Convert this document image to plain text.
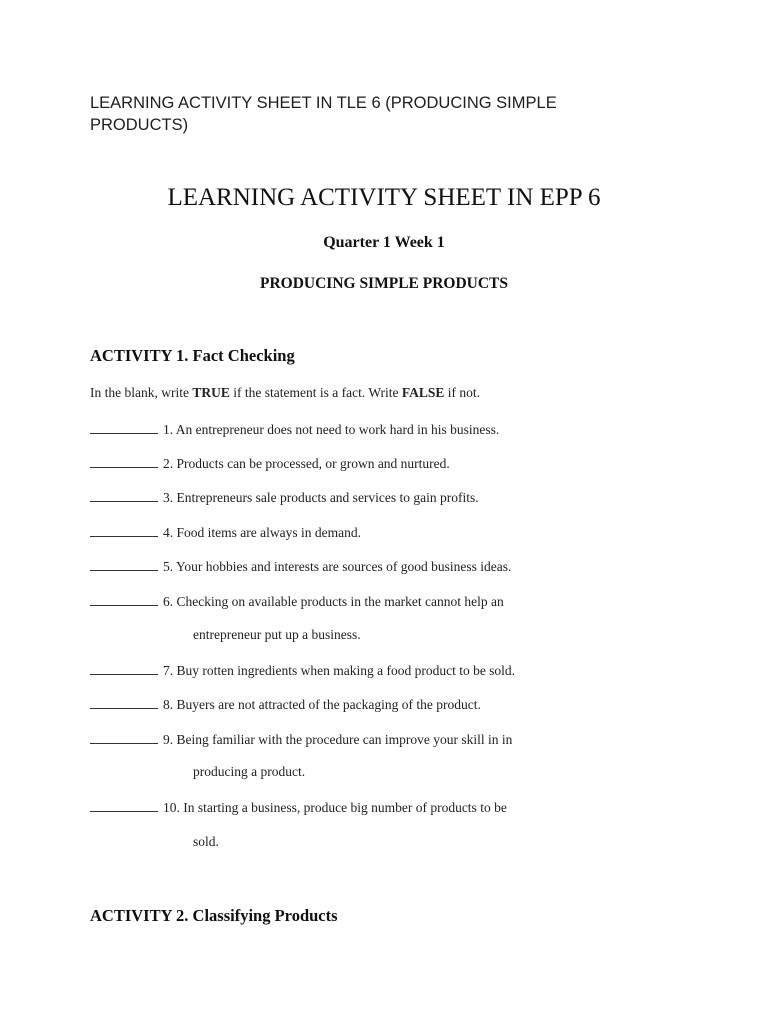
LEARNING ACTIVITY SHEET IN TLE 6 (PRODUCING SIMPLE PRODUCTS)
LEARNING ACTIVITY SHEET IN EPP 6
Quarter 1 Week 1
PRODUCING SIMPLE PRODUCTS
ACTIVITY 1. Fact Checking
In the blank, write TRUE if the statement is a fact. Write FALSE if not.
1. An entrepreneur does not need to work hard in his business.
2. Products can be processed, or grown and nurtured.
3. Entrepreneurs sale products and services to gain profits.
4. Food items are always in demand.
5. Your hobbies and interests are sources of good business ideas.
6. Checking on available products in the market cannot help an
entrepreneur put up a business.
7. Buy rotten ingredients when making a food product to be sold.
8. Buyers are not attracted of the packaging of the product.
9. Being familiar with the procedure can improve your skill in in
producing a product.
10. In starting a business, produce big number of products to be
sold.
ACTIVITY 2. Classifying Products
